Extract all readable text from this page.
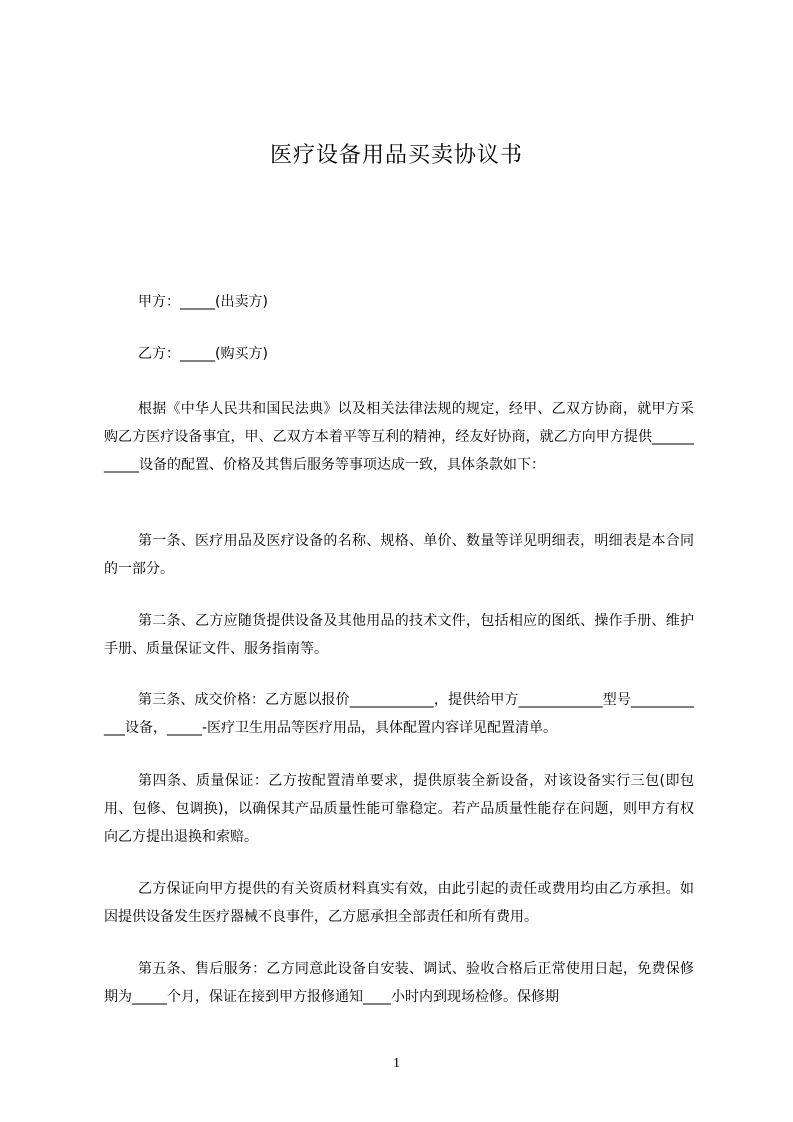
医疗设备用品买卖协议书
甲方：_____(出卖方)
乙方：_____(购买方)
根据《中华人民共和国民法典》以及相关法律法规的规定，经甲、乙双方协商，就甲方采购乙方医疗设备事宜，甲、乙双方本着平等互利的精神，经友好协商，就乙方向甲方提供___________设备的配置、价格及其售后服务等事项达成一致，具体条款如下：
第一条、医疗用品及医疗设备的名称、规格、单价、数量等详见明细表，明细表是本合同的一部分。
第二条、乙方应随货提供设备及其他用品的技术文件，包括相应的图纸、操作手册、维护手册、质量保证文件、服务指南等。
第三条、成交价格：乙方愿以报价____________，提供给甲方____________型号____________设备，_____-医疗卫生用品等医疗用品，具体配置内容详见配置清单。
第四条、质量保证：乙方按配置清单要求，提供原装全新设备，对该设备实行三包(即包用、包修、包调换)，以确保其产品质量性能可靠稳定。若产品质量性能存在问题，则甲方有权向乙方提出退换和索赔。
乙方保证向甲方提供的有关资质材料真实有效，由此引起的责任或费用均由乙方承担。如因提供设备发生医疗器械不良事件，乙方愿承担全部责任和所有费用。
第五条、售后服务：乙方同意此设备自安装、调试、验收合格后正常使用日起，免费保修期为_____个月，保证在接到甲方报修通知____小时内到现场检修。保修期
1
